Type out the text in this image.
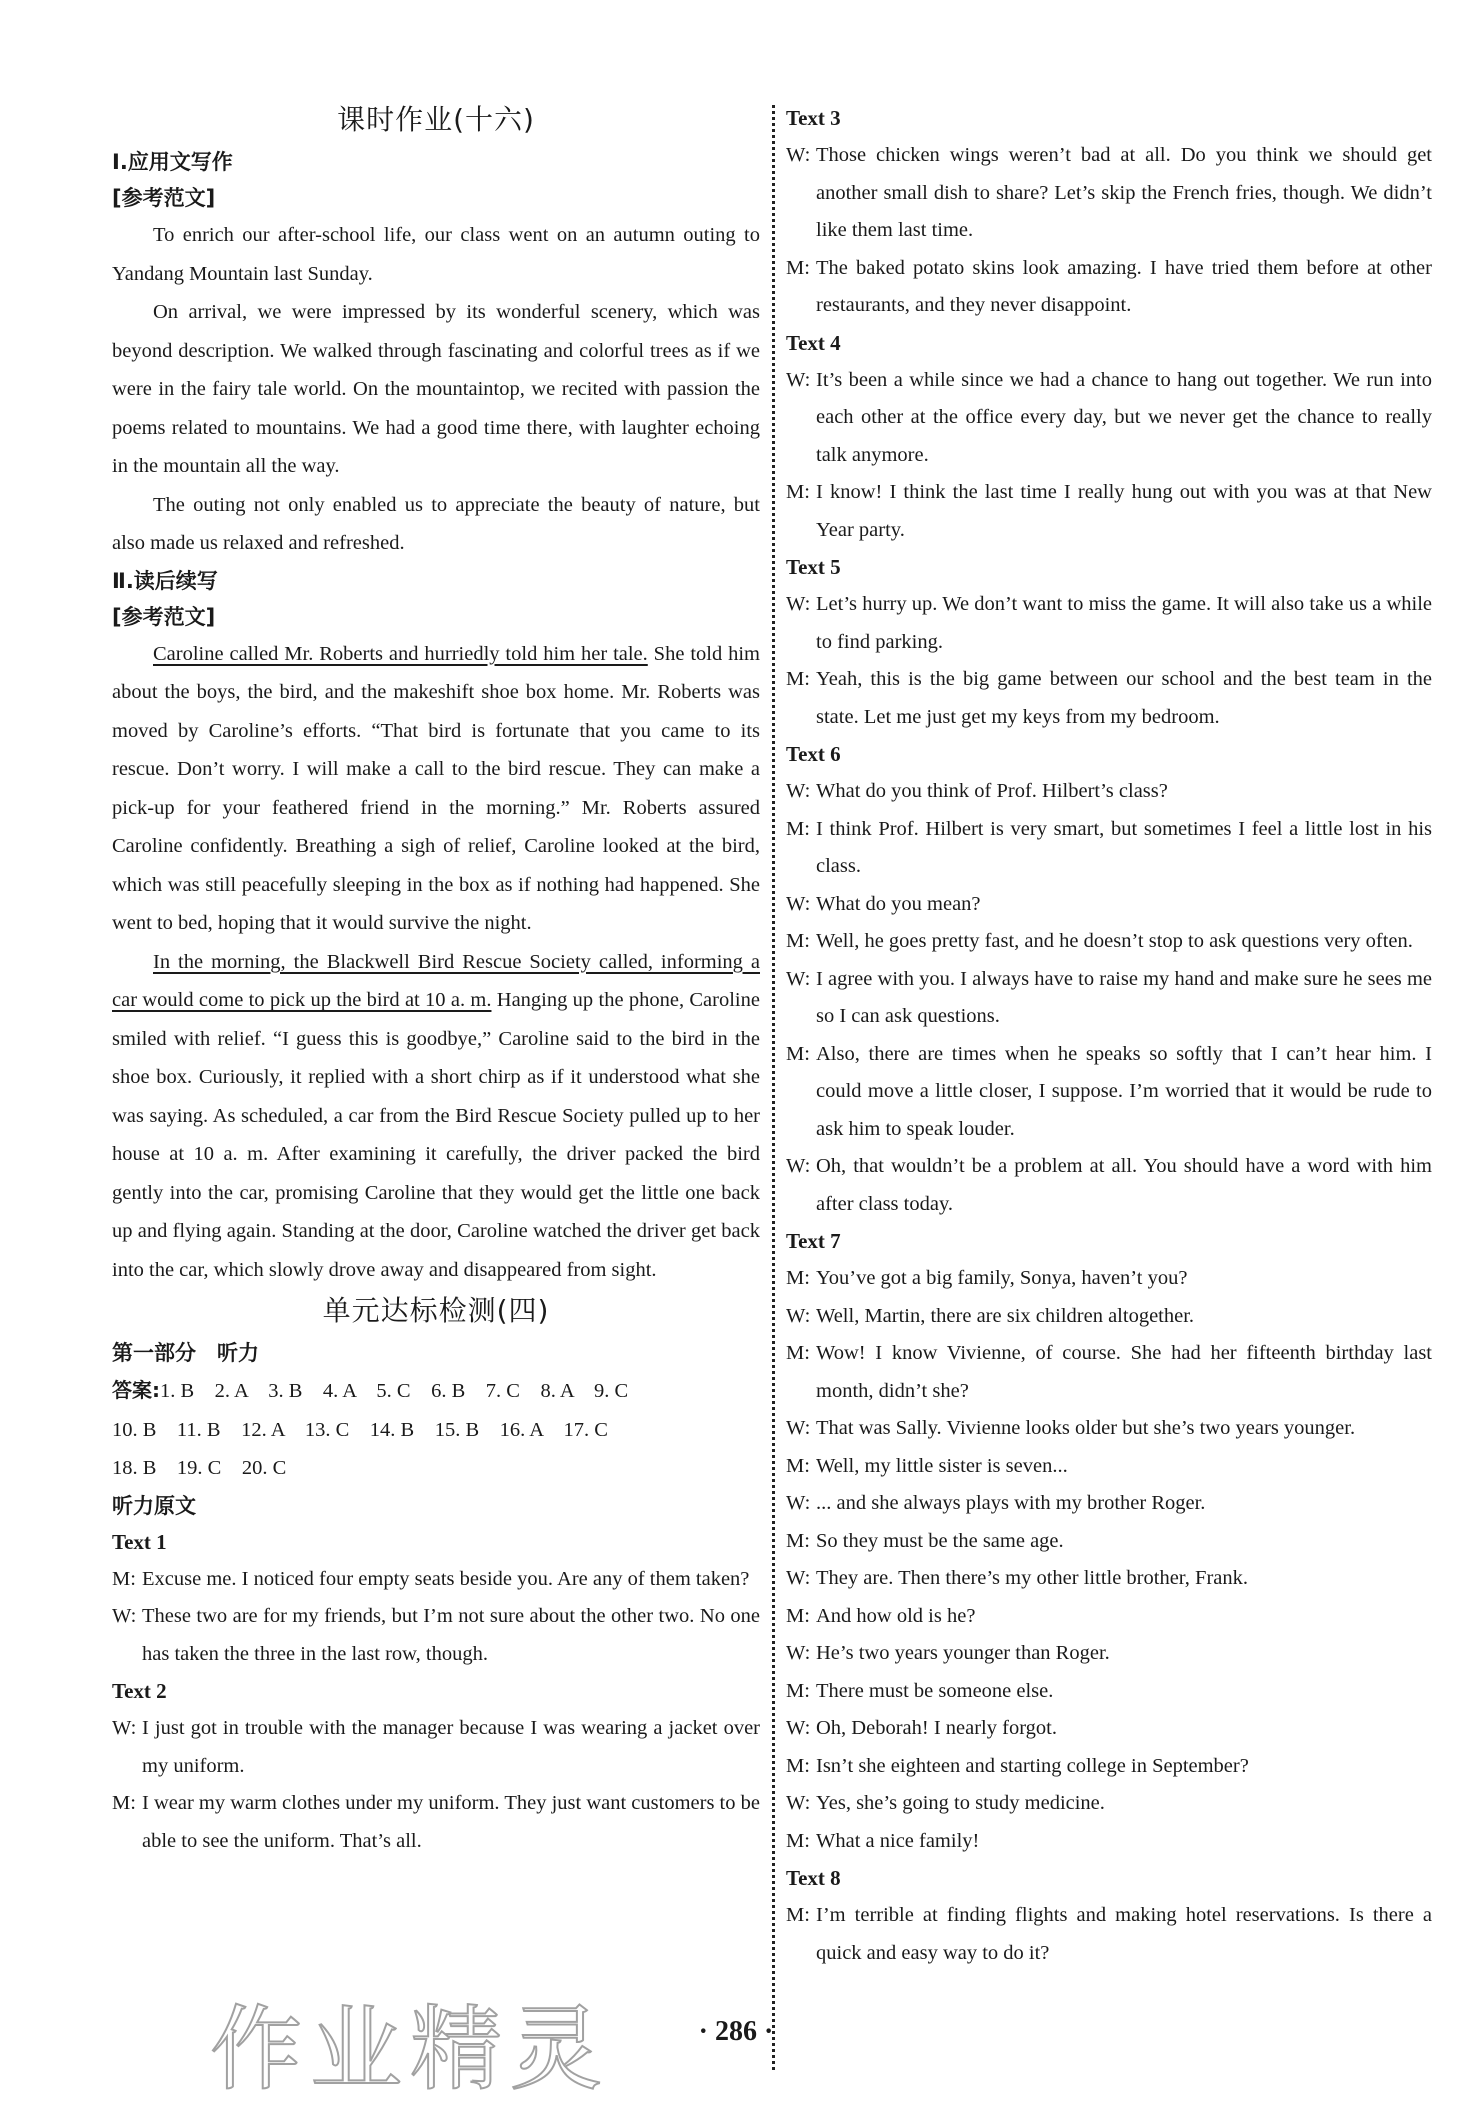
课时作业(十六)
Ⅰ.应用文写作
[参考范文]

To enrich our after-school life, our class went on an autumn outing to Yandang Mountain last Sunday.

On arrival, we were impressed by its wonderful scenery, which was beyond description. We walked through fascinating and colorful trees as if we were in the fairy tale world. On the mountaintop, we recited with passion the poems related to mountains. We had a good time there, with laughter echoing in the mountain all the way.

The outing not only enabled us to appreciate the beauty of nature, but also made us relaxed and refreshed.

Ⅱ.读后续写
[参考范文]

Caroline called Mr. Roberts and hurriedly told him her tale. She told him about the boys, the bird, and the makeshift shoe box home. Mr. Roberts was moved by Caroline’s efforts. “That bird is fortunate that you came to its rescue. Don’t worry. I will make a call to the bird rescue. They can make a pick-up for your feathered friend in the morning.” Mr. Roberts assured Caroline confidently. Breathing a sigh of relief, Caroline looked at the bird, which was still peacefully sleeping in the box as if nothing had happened. She went to bed, hoping that it would survive the night.

In the morning, the Blackwell Bird Rescue Society called, informing a car would come to pick up the bird at 10 a. m. Hanging up the phone, Caroline smiled with relief. “I guess this is goodbye,” Caroline said to the bird in the shoe box. Curiously, it replied with a short chirp as if it understood what she was saying. As scheduled, a car from the Bird Rescue Society pulled up to her house at 10 a. m. After examining it carefully, the driver packed the bird gently into the car, promising Caroline that they would get the little one back up and flying again. Standing at the door, Caroline watched the driver get back into the car, which slowly drove away and disappeared from sight.

单元达标检测(四)
第一部分　听力
答案:1. B　2. A　3. B　4. A　5. C　6. B　7. C　8. A　9. C
10. B　11. B　12. A　13. C　14. B　15. B　16. A　17. C
18. B　19. C　20. C
听力原文
Text 1
M: Excuse me. I noticed four empty seats beside you. Are any of them taken?
W: These two are for my friends, but I’m not sure about the other two. No one has taken the three in the last row, though.
Text 2
W: I just got in trouble with the manager because I was wearing a jacket over my uniform.
M: I wear my warm clothes under my uniform. They just want customers to be able to see the uniform. That’s all.
Text 3
W: Those chicken wings weren’t bad at all. Do you think we should get another small dish to share? Let’s skip the French fries, though. We didn’t like them last time.
M: The baked potato skins look amazing. I have tried them before at other restaurants, and they never disappoint.
Text 4
W: It’s been a while since we had a chance to hang out together. We run into each other at the office every day, but we never get the chance to really talk anymore.
M: I know! I think the last time I really hung out with you was at that New Year party.
Text 5
W: Let’s hurry up. We don’t want to miss the game. It will also take us a while to find parking.
M: Yeah, this is the big game between our school and the best team in the state. Let me just get my keys from my bedroom.
Text 6
W: What do you think of Prof. Hilbert’s class?
M: I think Prof. Hilbert is very smart, but sometimes I feel a little lost in his class.
W: What do you mean?
M: Well, he goes pretty fast, and he doesn’t stop to ask questions very often.
W: I agree with you. I always have to raise my hand and make sure he sees me so I can ask questions.
M: Also, there are times when he speaks so softly that I can’t hear him. I could move a little closer, I suppose. I’m worried that it would be rude to ask him to speak louder.
W: Oh, that wouldn’t be a problem at all. You should have a word with him after class today.
Text 7
M: You’ve got a big family, Sonya, haven’t you?
W: Well, Martin, there are six children altogether.
M: Wow! I know Vivienne, of course. She had her fifteenth birthday last month, didn’t she?
W: That was Sally. Vivienne looks older but she’s two years younger.
M: Well, my little sister is seven...
W: ... and she always plays with my brother Roger.
M: So they must be the same age.
W: They are. Then there’s my other little brother, Frank.
M: And how old is he?
W: He’s two years younger than Roger.
M: There must be someone else.
W: Oh, Deborah! I nearly forgot.
M: Isn’t she eighteen and starting college in September?
W: Yes, she’s going to study medicine.
M: What a nice family!
Text 8
M: I’m terrible at finding flights and making hotel reservations. Is there a quick and easy way to do it?
作 业 精 灵	· 286 ·
